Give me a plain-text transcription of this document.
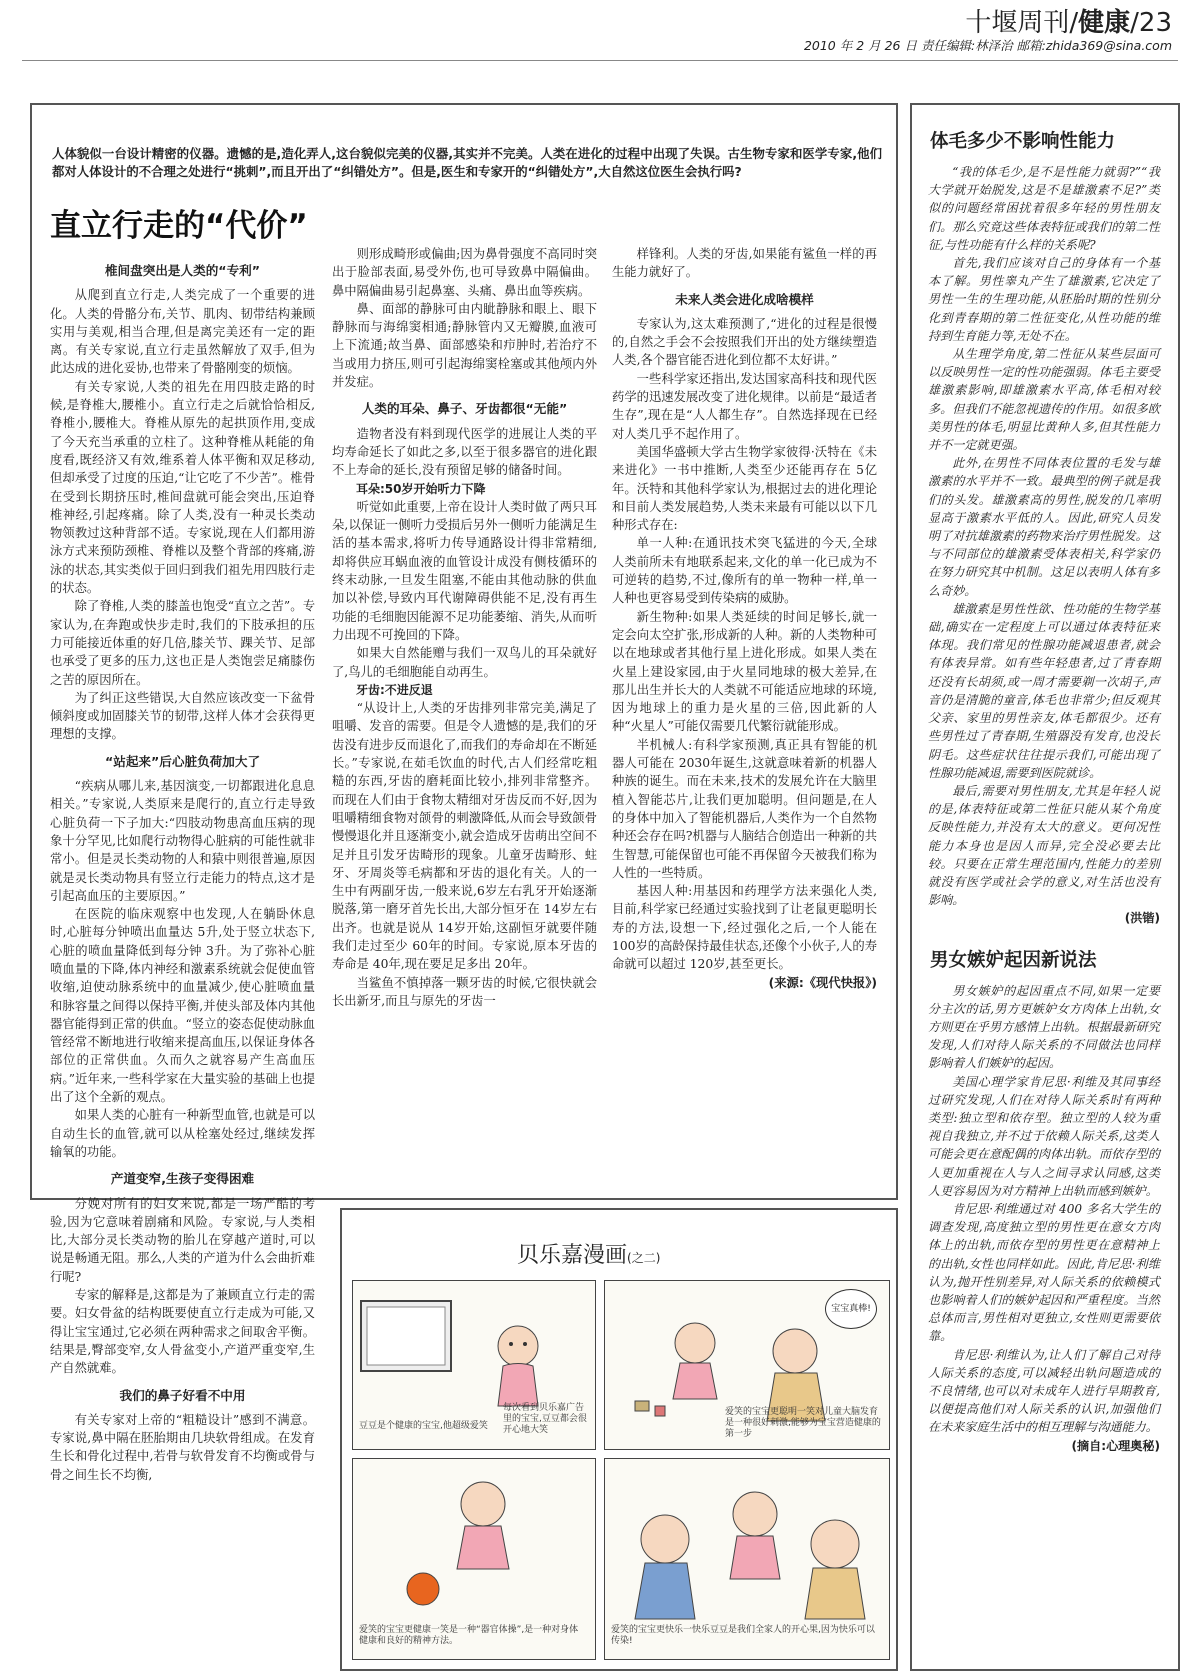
十堰周刊/健康/23
2010 年 2 月 26 日 责任编辑:林泽治 邮箱:zhida369@sina.com
人体貌似一台设计精密的仪器。遗憾的是,造化弄人,这台貌似完美的仪器,其实并不完美。人类在进化的过程中出现了失误。古生物专家和医学专家,他们都对人体设计的不合理之处进行“挑刺”,而且开出了“纠错处方”。但是,医生和专家开的“纠错处方”,大自然这位医生会执行吗?
直立行走的“代价”
椎间盘突出是人类的“专利”

从爬到直立行走,人类完成了一个重要的进化。人类的骨骼分布,关节、肌肉、韧带结构兼顾实用与美观,相当合理,但是离完美还有一定的距离。有关专家说,直立行走虽然解放了双手,但为此达成的进化妥协,也带来了骨骼刚变的烦恼。

有关专家说,人类的祖先在用四肢走路的时候,是脊椎大,腰椎小。直立行走之后就恰恰相反,脊椎小,腰椎大。脊椎从原先的起拱顶作用,变成了今天充当承重的立柱了。这种脊椎从耗能的角度看,既经济又有效,维系着人体平衡和双足移动,但却承受了过度的压迫,“让它吃了不少苦”。椎骨在受到长期挤压时,椎间盘就可能会突出,压迫脊椎神经,引起疼痛。除了人类,没有一种灵长类动物领教过这种背部不适。专家说,现在人们都用游泳方式来预防颈椎、脊椎以及整个背部的疼痛,游泳的状态,其实类似于回归到我们祖先用四肢行走的状态。

除了脊椎,人类的膝盖也饱受“直立之苦”。专家认为,在奔跑或快步走时,我们的下肢承担的压力可能接近体重的好几倍,膝关节、踝关节、足部也承受了更多的压力,这也正是人类饱尝足痛膝伤之苦的原因所在。

为了纠正这些错误,大自然应该改变一下盆骨倾斜度或加固膝关节的韧带,这样人体才会获得更理想的支撑。

“站起来”后心脏负荷加大了

“疾病从哪儿来,基因演变,一切都跟进化息息相关。”专家说,人类原来是爬行的,直立行走导致心脏负荷一下子加大:“四肢动物患高血压病的现象十分罕见,比如爬行动物得心脏病的可能性就非常小。但是灵长类动物的人和猿中则很普遍,原因就是灵长类动物具有竖立行走能力的特点,这才是引起高血压的主要原因。”

在医院的临床观察中也发现,人在躺卧休息时,心脏每分钟喷出血量达 5升,处于竖立状态下,心脏的喷血量降低到每分钟 3升。为了弥补心脏喷血量的下降,体内神经和激素系统就会促使血管收缩,迫使动脉系统中的血量减少,使心脏喷血量和脉容量之间得以保持平衡,并使头部及体内其他器官能得到正常的供血。“竖立的姿态促使动脉血管经常不断地进行收缩来提高血压,以保证身体各部位的正常供血。久而久之就容易产生高血压病。”近年来,一些科学家在大量实验的基础上也提出了这个全新的观点。

如果人类的心脏有一种新型血管,也就是可以自动生长的血管,就可以从栓塞处经过,继续发挥输氧的功能。

产道变窄,生孩子变得困难

分娩对所有的妇女来说,都是一场严酷的考验,因为它意味着剧痛和风险。专家说,与人类相比,大部分灵长类动物的胎儿在穿越产道时,可以说是畅通无阻。那么,人类的产道为什么会曲折难行呢?

专家的解释是,这都是为了兼顾直立行走的需要。妇女骨盆的结构既要使直立行走成为可能,又得让宝宝通过,它必须在两种需求之间取舍平衡。结果是,臀部变窄,女人骨盆变小,产道严重变窄,生产自然就难。

我们的鼻子好看不中用

有关专家对上帝的“粗糙设计”感到不满意。专家说,鼻中隔在胚胎期由几块软骨组成。在发育生长和骨化过程中,若骨与软骨发育不均衡或骨与骨之间生长不均衡,

则形成畸形或偏曲;因为鼻骨强度不高同时突出于脸部表面,易受外伤,也可导致鼻中隔偏曲。鼻中隔偏曲易引起鼻塞、头痛、鼻出血等疾病。

鼻、面部的静脉可由内眦静脉和眼上、眼下静脉而与海绵窦相通;静脉管内又无瓣膜,血液可上下流通;故当鼻、面部感染和疖肿时,若治疗不当或用力挤压,则可引起海绵窦栓塞或其他颅内外并发症。

人类的耳朵、鼻子、牙齿都很“无能”

造物者没有料到现代医学的进展让人类的平均寿命延长了如此之多,以至于很多器官的进化跟不上寿命的延长,没有预留足够的储备时间。

耳朵:50岁开始听力下降

听觉如此重要,上帝在设计人类时做了两只耳朵,以保证一侧听力受损后另外一侧听力能满足生活的基本需求,将听力传导通路设计得非常精细,却将供应耳蜗血液的血管设计成没有侧枝循环的终末动脉,一旦发生阻塞,不能由其他动脉的供血加以补偿,导致内耳代谢障碍供能不足,没有再生功能的毛细胞因能源不足功能萎缩、消失,从而听力出现不可挽回的下降。

如果大自然能赠与我们一双鸟儿的耳朵就好了,鸟儿的毛细胞能自动再生。

牙齿:不进反退

“从设计上,人类的牙齿排列非常完美,满足了咀嚼、发音的需要。但是令人遗憾的是,我们的牙齿没有进步反而退化了,而我们的寿命却在不断延长。”专家说,在茹毛饮血的时代,古人们经常吃粗糙的东西,牙齿的磨耗面比较小,排列非常整齐。而现在人们由于食物太精细对牙齿反而不好,因为咀嚼精细食物对颌骨的刺激降低,从而会导致颌骨慢慢退化并且逐渐变小,就会造成牙齿萌出空间不足并且引发牙齿畸形的现象。儿童牙齿畸形、蛀牙、牙周炎等毛病都和牙齿的退化有关。人的一生中有两副牙齿,一般来说,6岁左右乳牙开始逐渐脱落,第一磨牙首先长出,大部分恒牙在 14岁左右出齐。也就是说从 14岁开始,这副恒牙就要伴随我们走过至少 60年的时间。专家说,原本牙齿的寿命是 40年,现在要足足多出 20年。

当鲨鱼不慎掉落一颗牙齿的时候,它很快就会长出新牙,而且与原先的牙齿一

样锋利。人类的牙齿,如果能有鲨鱼一样的再生能力就好了。

未来人类会进化成啥模样

专家认为,这太难预测了,“进化的过程是很慢的,自然之手会不会按照我们开出的处方继续塑造人类,各个器官能否进化到位都不太好讲。”

一些科学家还指出,发达国家高科技和现代医药学的迅速发展改变了进化规律。以前是“最适者生存”,现在是“人人都生存”。自然选择现在已经对人类几乎不起作用了。

美国华盛顿大学古生物学家彼得·沃特在《未来进化》一书中推断,人类至少还能再存在 5亿年。沃特和其他科学家认为,根据过去的进化理论和目前人类发展趋势,人类未来最有可能以以下几种形式存在:

单一人种:在通讯技术突飞猛进的今天,全球人类前所未有地联系起来,文化的单一化已成为不可逆转的趋势,不过,像所有的单一物种一样,单一人种也更容易受到传染病的威胁。

新生物种:如果人类延续的时间足够长,就一定会向太空扩张,形成新的人种。新的人类物种可以在地球或者其他行星上进化形成。如果人类在火星上建设家园,由于火星同地球的极大差异,在那儿出生并长大的人类就不可能适应地球的环境,因为地球上的重力是火星的三倍,因此新的人种“火星人”可能仅需要几代繁衍就能形成。

半机械人:有科学家预测,真正具有智能的机器人可能在 2030年诞生,这就意味着新的机器人种族的诞生。而在未来,技术的发展允许在大脑里植入智能芯片,让我们更加聪明。但问题是,在人的身体中加入了智能机器后,人类作为一个自然物种还会存在吗?机器与人脑结合创造出一种新的共生智慧,可能保留也可能不再保留今天被我们称为人性的一些特质。

基因人种:用基因和药理学方法来强化人类,目前,科学家已经通过实验找到了让老鼠更聪明长寿的方法,设想一下,经过强化之后,一个人能在 100岁的高龄保持最佳状态,还像个小伙子,人的寿命就可以超过 120岁,甚至更长。

(来源:《现代快报》)
体毛多少不影响性能力

“我的体毛少,是不是性能力就弱?”“我大学就开始脱发,这是不是雄激素不足?”类似的问题经常困扰着很多年轻的男性朋友们。那么究竟这些体表特征或我们的第二性征,与性功能有什么样的关系呢?

首先,我们应该对自己的身体有一个基本了解。男性睾丸产生了雄激素,它决定了男性一生的生理功能,从胚胎时期的性别分化到青春期的第二性征变化,从性功能的维持到生育能力等,无处不在。

从生理学角度,第二性征从某些层面可以反映男性一定的性功能强弱。体毛主要受雄激素影响,即雄激素水平高,体毛相对较多。但我们不能忽视遗传的作用。如很多欧美男性的体毛,明显比黄种人多,但其性能力并不一定就更强。

此外,在男性不同体表位置的毛发与雄激素的水平并不一致。最典型的例子就是我们的头发。雄激素高的男性,脱发的几率明显高于激素水平低的人。因此,研究人员发明了对抗雄激素的药物来治疗男性脱发。这与不同部位的雄激素受体表相关,科学家仍在努力研究其中机制。这足以表明人体有多么奇妙。

雄激素是男性性欲、性功能的生物学基础,确实在一定程度上可以通过体表特征来体现。我们常见的性腺功能减退患者,就会有体表异常。如有些年轻患者,过了青春期还没有长胡须,或一周才需要剃一次胡子,声音仍是清脆的童音,体毛也非常少;但反观其父亲、家里的男性亲友,体毛都很少。还有些男性过了青春期,生殖器没有发育,也没长阴毛。这些症状往往提示我们,可能出现了性腺功能减退,需要到医院就诊。

最后,需要对男性朋友,尤其是年轻人说的是,体表特征或第二性征只能从某个角度反映性能力,并没有太大的意义。更何况性能力本身也是因人而异,完全没必要去比较。只要在正常生理范围内,性能力的差别就没有医学或社会学的意义,对生活也没有影响。

(洪锴)
男女嫉妒起因新说法

男女嫉妒的起因重点不同,如果一定要分主次的话,男方更嫉妒女方肉体上出轨,女方则更在乎男方感情上出轨。根据最新研究发现,人们对待人际关系的不同做法也同样影响着人们嫉妒的起因。

美国心理学家肯尼思·利维及其同事经过研究发现,人们在对待人际关系时有两种类型:独立型和依存型。独立型的人较为重视自我独立,并不过于依赖人际关系,这类人可能会更在意配偶的肉体出轨。而依存型的人更加重视在人与人之间寻求认同感,这类人更容易因为对方精神上出轨而感到嫉妒。

肯尼思·利维通过对 400 多名大学生的调查发现,高度独立型的男性更在意女方肉体上的出轨,而依存型的男性更在意精神上的出轨,女性也同样如此。因此,肯尼思·利维认为,抛开性别差异,对人际关系的依赖模式也影响着人们的嫉妒起因和严重程度。当然总体而言,男性相对更独立,女性则更需要依靠。

肯尼思·利维认为,让人们了解自己对待人际关系的态度,可以减轻出轨问题造成的不良情绪,也可以对未成年人进行早期教育,以便提高他们对人际关系的认识,加强他们在未来家庭生活中的相互理解与沟通能力。

(摘自:心理奥秘)
贝乐嘉漫画(之二)
豆豆是个健康的宝宝,他超级爱笑
每次看到贝乐嘉广告里的宝宝,豆豆都会很开心地大笑
宝宝真棒!
爱笑的宝宝更聪明一笑对儿童大脑发育是一种很好刺激,能够为宝宝营造健康的第一步
爱笑的宝宝更健康一笑是一种“器官体操”,是一种对身体健康和良好的精神方法。
爱笑的宝宝更快乐一快乐豆豆是我们全家人的开心果,因为快乐可以传染!
